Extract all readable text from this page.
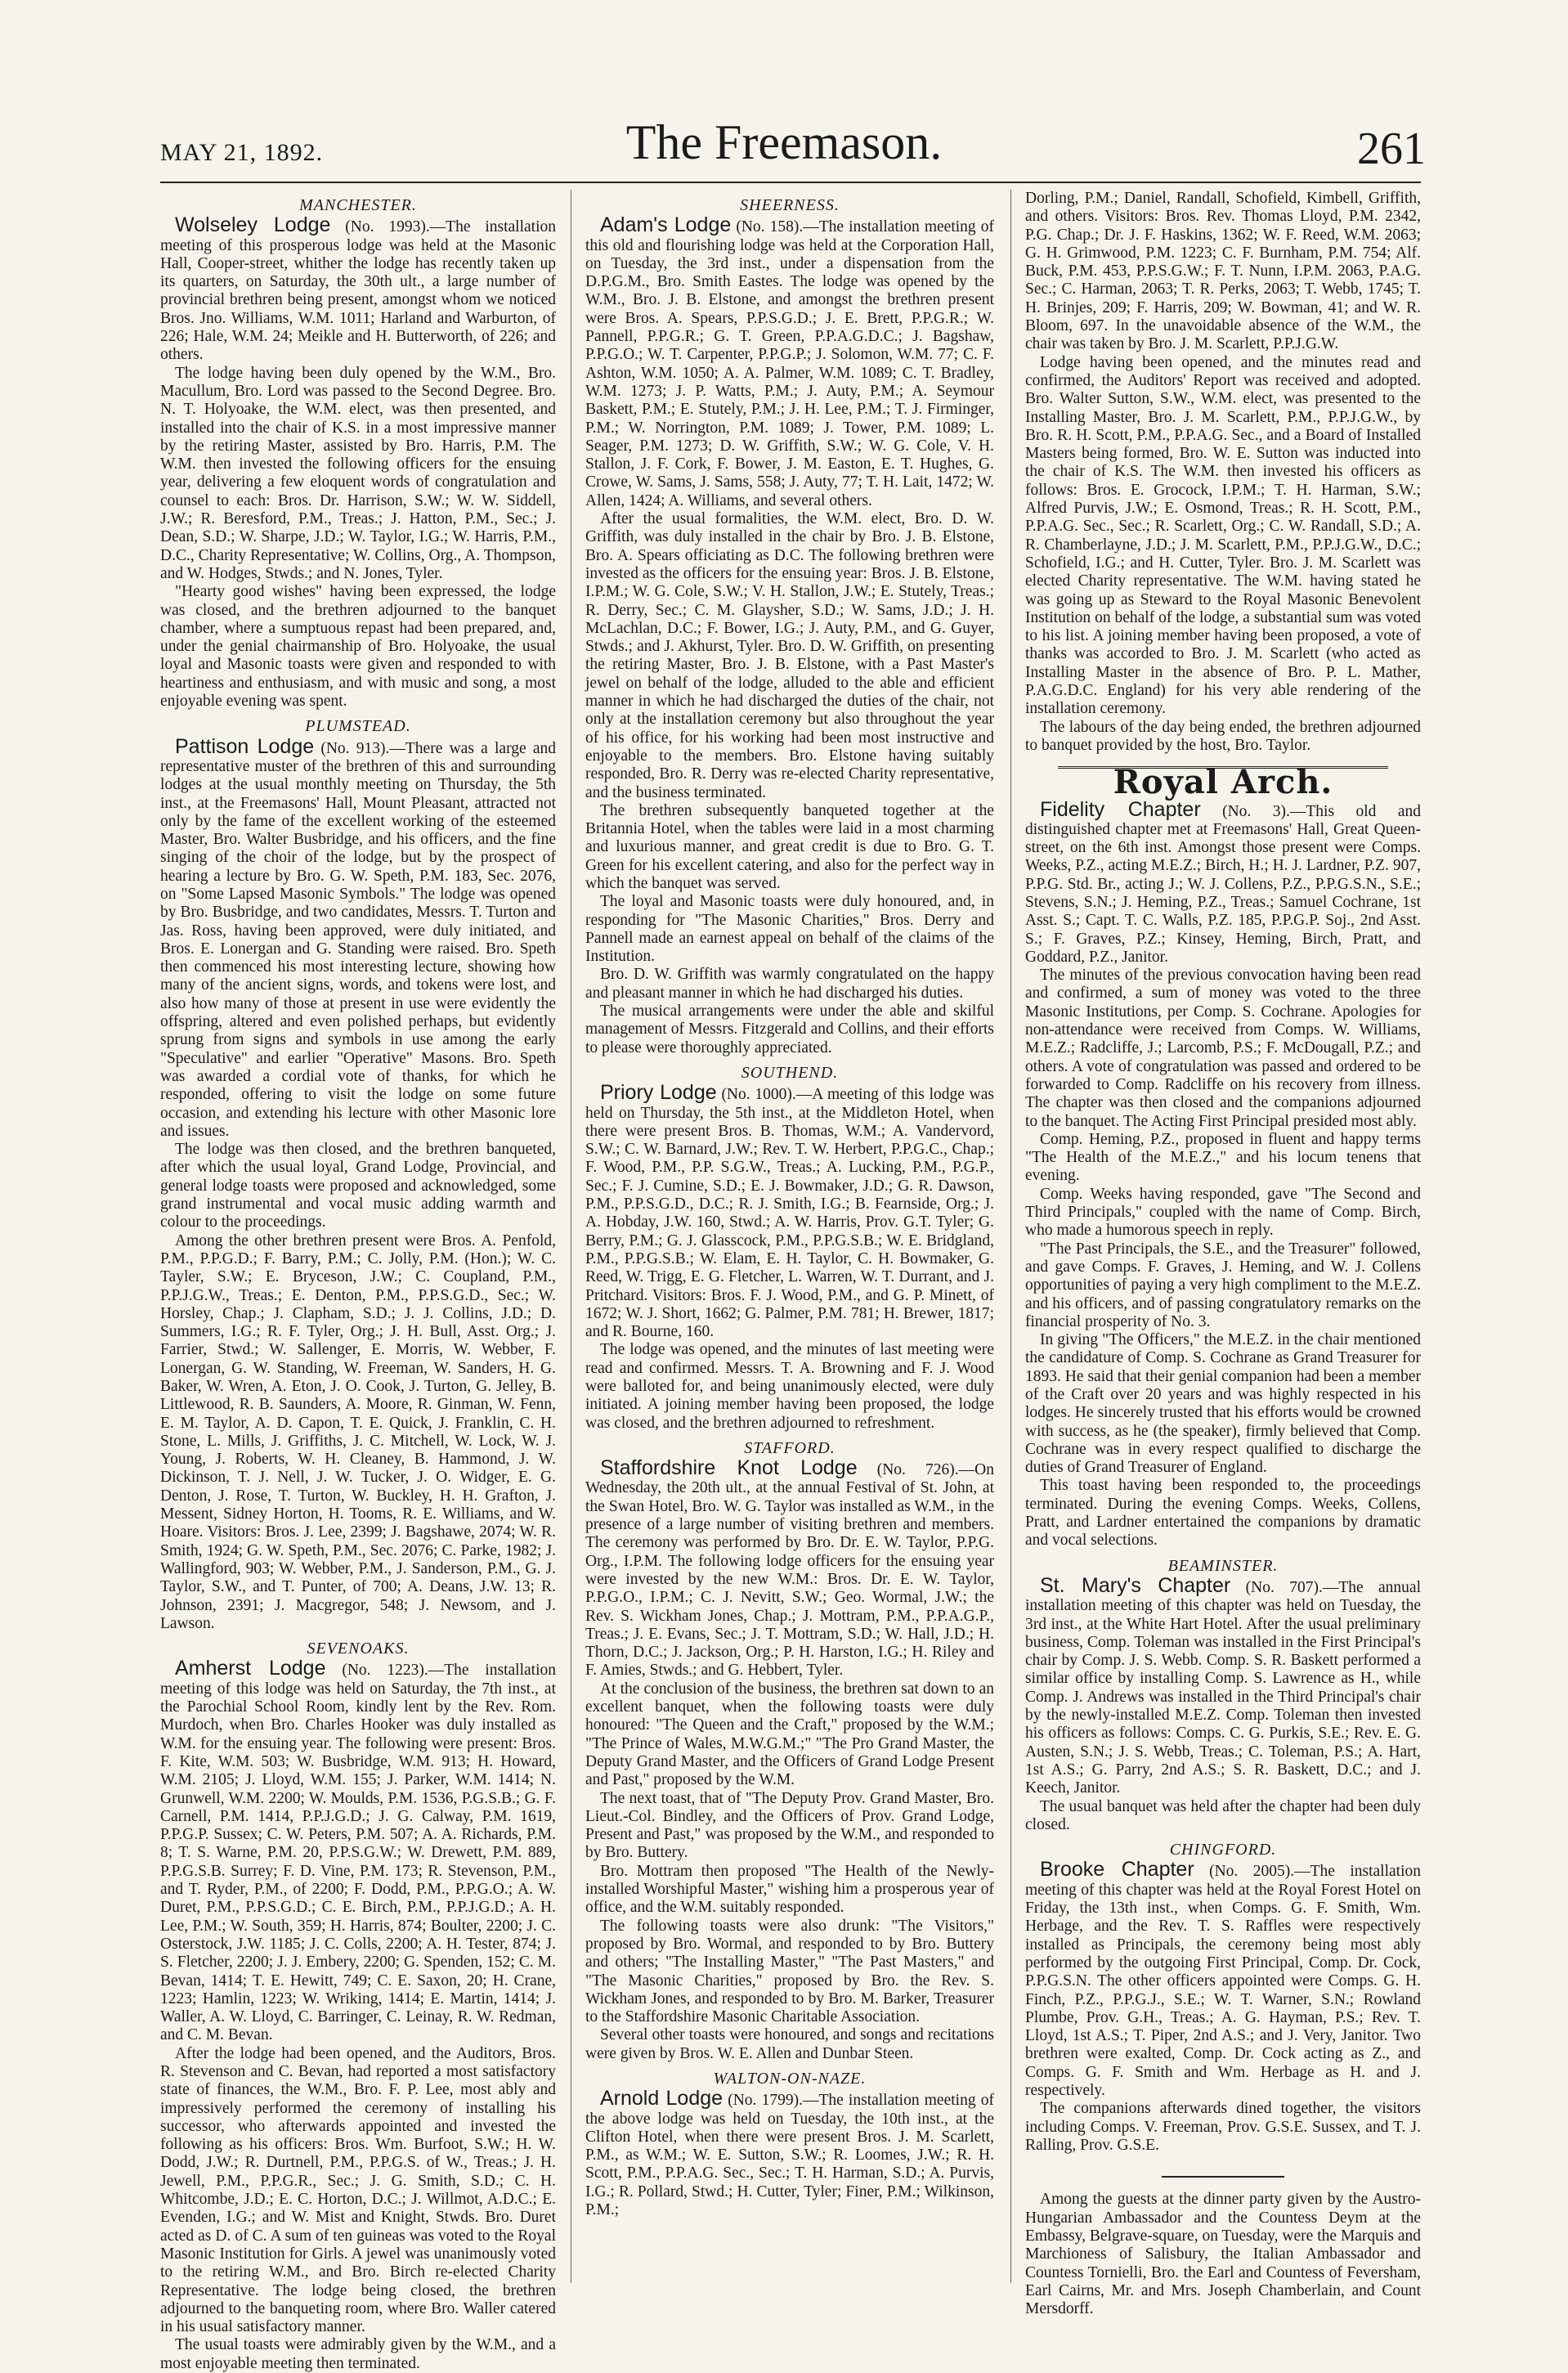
MAY 21, 1892.	The Freemason.	261
MANCHESTER.

Wolseley Lodge (No. 1993).—The installation meeting of this prosperous lodge was held at the Masonic Hall, Cooper-street, whither the lodge has recently taken up its quarters, on Saturday, the 30th ult., a large number of provincial brethren being present, amongst whom we noticed Bros. Jno. Williams, W.M. 1011; Harland and Warburton, of 226; Hale, W.M. 24; Meikle and H. Butterworth, of 226; and others.

The lodge having been duly opened by the W.M., Bro. Macullum, Bro. Lord was passed to the Second Degree. Bro. N. T. Holyoake, the W.M. elect, was then presented, and installed into the chair of K.S. in a most impressive manner by the retiring Master, assisted by Bro. Harris, P.M. The W.M. then invested the following officers for the ensuing year, delivering a few eloquent words of congratulation and counsel to each: Bros. Dr. Harrison, S.W.; W. W. Siddell, J.W.; R. Beresford, P.M., Treas.; J. Hatton, P.M., Sec.; J. Dean, S.D.; W. Sharpe, J.D.; W. Taylor, I.G.; W. Harris, P.M., D.C., Charity Representative; W. Collins, Org., A. Thompson, and W. Hodges, Stwds.; and N. Jones, Tyler.

"Hearty good wishes" having been expressed, the lodge was closed, and the brethren adjourned to the banquet chamber, where a sumptuous repast had been prepared, and, under the genial chairmanship of Bro. Holyoake, the usual loyal and Masonic toasts were given and responded to with heartiness and enthusiasm, and with music and song, a most enjoyable evening was spent.

PLUMSTEAD.

Pattison Lodge (No. 913).—There was a large and representative muster of the brethren of this and surrounding lodges at the usual monthly meeting on Thursday, the 5th inst., at the Freemasons' Hall, Mount Pleasant, attracted not only by the fame of the excellent working of the esteemed Master, Bro. Walter Busbridge, and his officers, and the fine singing of the choir of the lodge, but by the prospect of hearing a lecture by Bro. G. W. Speth, P.M. 183, Sec. 2076, on "Some Lapsed Masonic Symbols." The lodge was opened by Bro. Busbridge, and two candidates, Messrs. T. Turton and Jas. Ross, having been approved, were duly initiated, and Bros. E. Lonergan and G. Standing were raised. Bro. Speth then commenced his most interesting lecture, showing how many of the ancient signs, words, and tokens were lost, and also how many of those at present in use were evidently the offspring, altered and even polished perhaps, but evidently sprung from signs and symbols in use among the early "Speculative" and earlier "Operative" Masons. Bro. Speth was awarded a cordial vote of thanks, for which he responded, offering to visit the lodge on some future occasion, and extending his lecture with other Masonic lore and issues.

The lodge was then closed, and the brethren banqueted, after which the usual loyal, Grand Lodge, Provincial, and general lodge toasts were proposed and acknowledged, some grand instrumental and vocal music adding warmth and colour to the proceedings.

Among the other brethren present were Bros. A. Penfold, P.M., P.P.G.D.; F. Barry, P.M.; C. Jolly, P.M. (Hon.); W. C. Tayler, S.W.; E. Bryceson, J.W.; C. Coupland, P.M., P.P.J.G.W., Treas.; E. Denton, P.M., P.P.S.G.D., Sec.; W. Horsley, Chap.; J. Clapham, S.D.; J. J. Collins, J.D.; D. Summers, I.G.; R. F. Tyler, Org.; J. H. Bull, Asst. Org.; J. Farrier, Stwd.; W. Sallenger, E. Morris, W. Webber, F. Lonergan, G. W. Standing, W. Freeman, W. Sanders, H. G. Baker, W. Wren, A. Eton, J. O. Cook, J. Turton, G. Jelley, B. Littlewood, R. B. Saunders, A. Moore, R. Ginman, W. Fenn, E. M. Taylor, A. D. Capon, T. E. Quick, J. Franklin, C. H. Stone, L. Mills, J. Griffiths, J. C. Mitchell, W. Lock, W. J. Young, J. Roberts, W. H. Cleaney, B. Hammond, J. W. Dickinson, T. J. Nell, J. W. Tucker, J. O. Widger, E. G. Denton, J. Rose, T. Turton, W. Buckley, H. H. Grafton, J. Messent, Sidney Horton, H. Tooms, R. E. Williams, and W. Hoare. Visitors: Bros. J. Lee, 2399; J. Bagshawe, 2074; W. R. Smith, 1924; G. W. Speth, P.M., Sec. 2076; C. Parke, 1982; J. Wallingford, 903; W. Webber, P.M., J. Sanderson, P.M., G. J. Taylor, S.W., and T. Punter, of 700; A. Deans, J.W. 13; R. Johnson, 2391; J. Macgregor, 548; J. Newsom, and J. Lawson.

SEVENOAKS.

Amherst Lodge (No. 1223).—The installation meeting of this lodge was held on Saturday, the 7th inst., at the Parochial School Room, kindly lent by the Rev. Rom. Murdoch, when Bro. Charles Hooker was duly installed as W.M. for the ensuing year. The following were present: Bros. F. Kite, W.M. 503; W. Busbridge, W.M. 913; H. Howard, W.M. 2105; J. Lloyd, W.M. 155; J. Parker, W.M. 1414; N. Grunwell, W.M. 2200; W. Moulds, P.M. 1536, P.G.S.B.; G. F. Carnell, P.M. 1414, P.P.J.G.D.; J. G. Calway, P.M. 1619, P.P.G.P. Sussex; C. W. Peters, P.M. 507; A. A. Richards, P.M. 8; T. S. Warne, P.M. 20, P.P.S.G.W.; W. Drewett, P.M. 889, P.P.G.S.B. Surrey; F. D. Vine, P.M. 173; R. Stevenson, P.M., and T. Ryder, P.M., of 2200; F. Dodd, P.M., P.P.G.O.; A. W. Duret, P.M., P.P.S.G.D.; C. E. Birch, P.M., P.P.J.G.D.; A. H. Lee, P.M.; W. South, 359; H. Harris, 874; Boulter, 2200; J. C. Osterstock, J.W. 1185; J. C. Colls, 2200; A. H. Tester, 874; J. S. Fletcher, 2200; J. J. Embery, 2200; G. Spenden, 152; C. M. Bevan, 1414; T. E. Hewitt, 749; C. E. Saxon, 20; H. Crane, 1223; Hamlin, 1223; W. Wriking, 1414; E. Martin, 1414; J. Waller, A. W. Lloyd, C. Barringer, C. Leinay, R. W. Redman, and C. M. Bevan.

After the lodge had been opened, and the Auditors, Bros. R. Stevenson and C. Bevan, had reported a most satisfactory state of finances, the W.M., Bro. F. P. Lee, most ably and impressively performed the ceremony of installing his successor, who afterwards appointed and invested the following as his officers: Bros. Wm. Burfoot, S.W.; H. W. Dodd, J.W.; R. Durtnell, P.M., P.P.G.S. of W., Treas.; J. H. Jewell, P.M., P.P.G.R., Sec.; J. G. Smith, S.D.; C. H. Whitcombe, J.D.; E. C. Horton, D.C.; J. Willmot, A.D.C.; E. Evenden, I.G.; and W. Mist and Knight, Stwds. Bro. Duret acted as D. of C. A sum of ten guineas was voted to the Royal Masonic Institution for Girls. A jewel was unanimously voted to the retiring W.M., and Bro. Birch re-elected Charity Representative. The lodge being closed, the brethren adjourned to the banqueting room, where Bro. Waller catered in his usual satisfactory manner.

The usual toasts were admirably given by the W.M., and a most enjoyable meeting then terminated.

SHEERNESS.

Adam's Lodge (No. 158).—The installation meeting of this old and flourishing lodge was held at the Corporation Hall, on Tuesday, the 3rd inst., under a dispensation from the D.P.G.M., Bro. Smith Eastes. The lodge was opened by the W.M., Bro. J. B. Elstone, and amongst the brethren present were Bros. A. Spears, P.P.S.G.D.; J. E. Brett, P.P.G.R.; W. Pannell, P.P.G.R.; G. T. Green, P.P.A.G.D.C.; J. Bagshaw, P.P.G.O.; W. T. Carpenter, P.P.G.P.; J. Solomon, W.M. 77; C. F. Ashton, W.M. 1050; A. A. Palmer, W.M. 1089; C. T. Bradley, W.M. 1273; J. P. Watts, P.M.; J. Auty, P.M.; A. Seymour Baskett, P.M.; E. Stutely, P.M.; J. H. Lee, P.M.; T. J. Firminger, P.M.; W. Norrington, P.M. 1089; J. Tower, P.M. 1089; L. Seager, P.M. 1273; D. W. Griffith, S.W.; W. G. Cole, V. H. Stallon, J. F. Cork, F. Bower, J. M. Easton, E. T. Hughes, G. Crowe, W. Sams, J. Sams, 558; J. Auty, 77; T. H. Lait, 1472; W. Allen, 1424; A. Williams, and several others.

After the usual formalities, the W.M. elect, Bro. D. W. Griffith, was duly installed in the chair by Bro. J. B. Elstone, Bro. A. Spears officiating as D.C. The following brethren were invested as the officers for the ensuing year: Bros. J. B. Elstone, I.P.M.; W. G. Cole, S.W.; V. H. Stallon, J.W.; E. Stutely, Treas.; R. Derry, Sec.; C. M. Glaysher, S.D.; W. Sams, J.D.; J. H. McLachlan, D.C.; F. Bower, I.G.; J. Auty, P.M., and G. Guyer, Stwds.; and J. Akhurst, Tyler. Bro. D. W. Griffith, on presenting the retiring Master, Bro. J. B. Elstone, with a Past Master's jewel on behalf of the lodge, alluded to the able and efficient manner in which he had discharged the duties of the chair, not only at the installation ceremony but also throughout the year of his office, for his working had been most instructive and enjoyable to the members. Bro. Elstone having suitably responded, Bro. R. Derry was re-elected Charity representative, and the business terminated.

The brethren subsequently banqueted together at the Britannia Hotel, when the tables were laid in a most charming and luxurious manner, and great credit is due to Bro. G. T. Green for his excellent catering, and also for the perfect way in which the banquet was served.

The loyal and Masonic toasts were duly honoured, and, in responding for "The Masonic Charities," Bros. Derry and Pannell made an earnest appeal on behalf of the claims of the Institution.

Bro. D. W. Griffith was warmly congratulated on the happy and pleasant manner in which he had discharged his duties.

The musical arrangements were under the able and skilful management of Messrs. Fitzgerald and Collins, and their efforts to please were thoroughly appreciated.

SOUTHEND.

Priory Lodge (No. 1000).—A meeting of this lodge was held on Thursday, the 5th inst., at the Middleton Hotel, when there were present Bros. B. Thomas, W.M.; A. Vandervord, S.W.; C. W. Barnard, J.W.; Rev. T. W. Herbert, P.P.G.C., Chap.; F. Wood, P.M., P.P. S.G.W., Treas.; A. Lucking, P.M., P.G.P., Sec.; F. J. Cumine, S.D.; E. J. Bowmaker, J.D.; G. R. Dawson, P.M., P.P.S.G.D., D.C.; R. J. Smith, I.G.; B. Fearnside, Org.; J. A. Hobday, J.W. 160, Stwd.; A. W. Harris, Prov. G.T. Tyler; G. Berry, P.M.; G. J. Glasscock, P.M., P.P.G.S.B.; W. E. Bridgland, P.M., P.P.G.S.B.; W. Elam, E. H. Taylor, C. H. Bowmaker, G. Reed, W. Trigg, E. G. Fletcher, L. Warren, W. T. Durrant, and J. Pritchard. Visitors: Bros. F. J. Wood, P.M., and G. P. Minett, of 1672; W. J. Short, 1662; G. Palmer, P.M. 781; H. Brewer, 1817; and R. Bourne, 160.

The lodge was opened, and the minutes of last meeting were read and confirmed. Messrs. T. A. Browning and F. J. Wood were balloted for, and being unanimously elected, were duly initiated. A joining member having been proposed, the lodge was closed, and the brethren adjourned to refreshment.

STAFFORD.

Staffordshire Knot Lodge (No. 726).—On Wednesday, the 20th ult., at the annual Festival of St. John, at the Swan Hotel, Bro. W. G. Taylor was installed as W.M., in the presence of a large number of visiting brethren and members. The ceremony was performed by Bro. Dr. E. W. Taylor, P.P.G. Org., I.P.M. The following lodge officers for the ensuing year were invested by the new W.M.: Bros. Dr. E. W. Taylor, P.P.G.O., I.P.M.; C. J. Nevitt, S.W.; Geo. Wormal, J.W.; the Rev. S. Wickham Jones, Chap.; J. Mottram, P.M., P.P.A.G.P., Treas.; J. E. Evans, Sec.; J. T. Mottram, S.D.; W. Hall, J.D.; H. Thorn, D.C.; J. Jackson, Org.; P. H. Harston, I.G.; H. Riley and F. Amies, Stwds.; and G. Hebbert, Tyler.

At the conclusion of the business, the brethren sat down to an excellent banquet, when the following toasts were duly honoured: "The Queen and the Craft," proposed by the W.M.; "The Prince of Wales, M.W.G.M.;" "The Pro Grand Master, the Deputy Grand Master, and the Officers of Grand Lodge Present and Past," proposed by the W.M.

The next toast, that of "The Deputy Prov. Grand Master, Bro. Lieut.-Col. Bindley, and the Officers of Prov. Grand Lodge, Present and Past," was proposed by the W.M., and responded to by Bro. Buttery.

Bro. Mottram then proposed "The Health of the Newly-installed Worshipful Master," wishing him a prosperous year of office, and the W.M. suitably responded.

The following toasts were also drunk: "The Visitors," proposed by Bro. Wormal, and responded to by Bro. Buttery and others; "The Installing Master," "The Past Masters," and "The Masonic Charities," proposed by Bro. the Rev. S. Wickham Jones, and responded to by Bro. M. Barker, Treasurer to the Staffordshire Masonic Charitable Association.

Several other toasts were honoured, and songs and recitations were given by Bros. W. E. Allen and Dunbar Steen.

WALTON-ON-NAZE.

Arnold Lodge (No. 1799).—The installation meeting of the above lodge was held on Tuesday, the 10th inst., at the Clifton Hotel, when there were present Bros. J. M. Scarlett, P.M., as W.M.; W. E. Sutton, S.W.; R. Loomes, J.W.; R. H. Scott, P.M., P.P.A.G. Sec., Sec.; T. H. Harman, S.D.; A. Purvis, I.G.; R. Pollard, Stwd.; H. Cutter, Tyler; Finer, P.M.; Wilkinson, P.M.;

Dorling, P.M.; Daniel, Randall, Schofield, Kimbell, Griffith, and others. Visitors: Bros. Rev. Thomas Lloyd, P.M. 2342, P.G. Chap.; Dr. J. F. Haskins, 1362; W. F. Reed, W.M. 2063; G. H. Grimwood, P.M. 1223; C. F. Burnham, P.M. 754; Alf. Buck, P.M. 453, P.P.S.G.W.; F. T. Nunn, I.P.M. 2063, P.A.G. Sec.; C. Harman, 2063; T. R. Perks, 2063; T. Webb, 1745; T. H. Brinjes, 209; F. Harris, 209; W. Bowman, 41; and W. R. Bloom, 697. In the unavoidable absence of the W.M., the chair was taken by Bro. J. M. Scarlett, P.P.J.G.W.

Lodge having been opened, and the minutes read and confirmed, the Auditors' Report was received and adopted. Bro. Walter Sutton, S.W., W.M. elect, was presented to the Installing Master, Bro. J. M. Scarlett, P.M., P.P.J.G.W., by Bro. R. H. Scott, P.M., P.P.A.G. Sec., and a Board of Installed Masters being formed, Bro. W. E. Sutton was inducted into the chair of K.S. The W.M. then invested his officers as follows: Bros. E. Grocock, I.P.M.; T. H. Harman, S.W.; Alfred Purvis, J.W.; E. Osmond, Treas.; R. H. Scott, P.M., P.P.A.G. Sec., Sec.; R. Scarlett, Org.; C. W. Randall, S.D.; A. R. Chamberlayne, J.D.; J. M. Scarlett, P.M., P.P.J.G.W., D.C.; Schofield, I.G.; and H. Cutter, Tyler. Bro. J. M. Scarlett was elected Charity representative. The W.M. having stated he was going up as Steward to the Royal Masonic Benevolent Institution on behalf of the lodge, a substantial sum was voted to his list. A joining member having been proposed, a vote of thanks was accorded to Bro. J. M. Scarlett (who acted as Installing Master in the absence of Bro. P. L. Mather, P.A.G.D.C. England) for his very able rendering of the installation ceremony.

The labours of the day being ended, the brethren adjourned to banquet provided by the host, Bro. Taylor.

Royal Arch.

Fidelity Chapter (No. 3).—This old and distinguished chapter met at Freemasons' Hall, Great Queen-street, on the 6th inst. Amongst those present were Comps. Weeks, P.Z., acting M.E.Z.; Birch, H.; H. J. Lardner, P.Z. 907, P.P.G. Std. Br., acting J.; W. J. Collens, P.Z., P.P.G.S.N., S.E.; Stevens, S.N.; J. Heming, P.Z., Treas.; Samuel Cochrane, 1st Asst. S.; Capt. T. C. Walls, P.Z. 185, P.P.G.P. Soj., 2nd Asst. S.; F. Graves, P.Z.; Kinsey, Heming, Birch, Pratt, and Goddard, P.Z., Janitor.

The minutes of the previous convocation having been read and confirmed, a sum of money was voted to the three Masonic Institutions, per Comp. S. Cochrane. Apologies for non-attendance were received from Comps. W. Williams, M.E.Z.; Radcliffe, J.; Larcomb, P.S.; F. McDougall, P.Z.; and others. A vote of congratulation was passed and ordered to be forwarded to Comp. Radcliffe on his recovery from illness. The chapter was then closed and the companions adjourned to the banquet. The Acting First Principal presided most ably.

Comp. Heming, P.Z., proposed in fluent and happy terms "The Health of the M.E.Z.," and his locum tenens that evening.

Comp. Weeks having responded, gave "The Second and Third Principals," coupled with the name of Comp. Birch, who made a humorous speech in reply.

"The Past Principals, the S.E., and the Treasurer" followed, and gave Comps. F. Graves, J. Heming, and W. J. Collens opportunities of paying a very high compliment to the M.E.Z. and his officers, and of passing congratulatory remarks on the financial prosperity of No. 3.

In giving "The Officers," the M.E.Z. in the chair mentioned the candidature of Comp. S. Cochrane as Grand Treasurer for 1893. He said that their genial companion had been a member of the Craft over 20 years and was highly respected in his lodges. He sincerely trusted that his efforts would be crowned with success, as he (the speaker), firmly believed that Comp. Cochrane was in every respect qualified to discharge the duties of Grand Treasurer of England.

This toast having been responded to, the proceedings terminated. During the evening Comps. Weeks, Collens, Pratt, and Lardner entertained the companions by dramatic and vocal selections.

BEAMINSTER.

St. Mary's Chapter (No. 707).—The annual installation meeting of this chapter was held on Tuesday, the 3rd inst., at the White Hart Hotel. After the usual preliminary business, Comp. Toleman was installed in the First Principal's chair by Comp. J. S. Webb. Comp. S. R. Baskett performed a similar office by installing Comp. S. Lawrence as H., while Comp. J. Andrews was installed in the Third Principal's chair by the newly-installed M.E.Z. Comp. Toleman then invested his officers as follows: Comps. C. G. Purkis, S.E.; Rev. E. G. Austen, S.N.; J. S. Webb, Treas.; C. Toleman, P.S.; A. Hart, 1st A.S.; G. Parry, 2nd A.S.; S. R. Baskett, D.C.; and J. Keech, Janitor.

The usual banquet was held after the chapter had been duly closed.

CHINGFORD.

Brooke Chapter (No. 2005).—The installation meeting of this chapter was held at the Royal Forest Hotel on Friday, the 13th inst., when Comps. G. F. Smith, Wm. Herbage, and the Rev. T. S. Raffles were respectively installed as Principals, the ceremony being most ably performed by the outgoing First Principal, Comp. Dr. Cock, P.P.G.S.N. The other officers appointed were Comps. G. H. Finch, P.Z., P.P.G.J., S.E.; W. T. Warner, S.N.; Rowland Plumbe, Prov. G.H., Treas.; A. G. Hayman, P.S.; Rev. T. Lloyd, 1st A.S.; T. Piper, 2nd A.S.; and J. Very, Janitor. Two brethren were exalted, Comp. Dr. Cock acting as Z., and Comps. G. F. Smith and Wm. Herbage as H. and J. respectively.

The companions afterwards dined together, the visitors including Comps. V. Freeman, Prov. G.S.E. Sussex, and T. J. Ralling, Prov. G.S.E.

Among the guests at the dinner party given by the Austro-Hungarian Ambassador and the Countess Deym at the Embassy, Belgrave-square, on Tuesday, were the Marquis and Marchioness of Salisbury, the Italian Ambassador and Countess Tornielli, Bro. the Earl and Countess of Feversham, Earl Cairns, Mr. and Mrs. Joseph Chamberlain, and Count Mersdorff.
